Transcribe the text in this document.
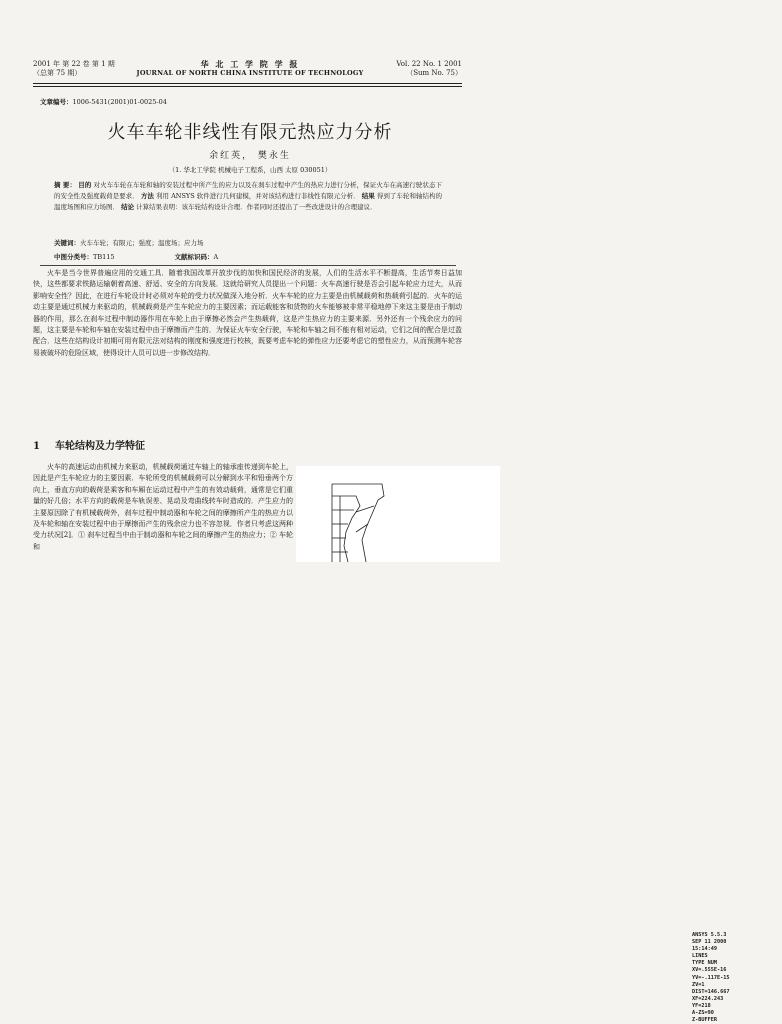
2001 年 第 22 卷 第 1 期
（总第 75 期）
华 北 工 学 院 学 报
JOURNAL OF NORTH CHINA INSTITUTE OF TECHNOLOGY
Vol. 22 No. 1 2001
（Sum No. 75）
文章编号：1006-5431(2001)01-0025-04
火车车轮非线性有限元热应力分析
余红英， 樊永生
（1. 华北工学院 机械电子工程系，山西 太原 030051）
摘 要： 目的 对火车车轮在车轮和轴的安装过程中所产生的应力以及在刹车过程中产生的热应力进行分析，保证火车在高速行驶状态下的安全性及强度载荷是要求． 方法 利用 ANSYS 软件进行几何建模，并对该结构进行非线性有限元分析． 结果 得到了车轮和轴结构的温度场图和应力场图． 结论 计算结果表明：该车轮结构设计合理．作者同时还提出了一些改进设计的合理建议．
关键词：火车车轮；有限元；强度；温度场；应力场
中图分类号：TB115	文献标识码：A
火车是当今世界普遍应用的交通工具．随着我国改革开放步伐的加快和国民经济的发展，人们的生活水平不断提高，生活节奏日益加快，这些都要求铁路运输朝着高速、舒适、安全的方向发展．这就给研究人员提出一个问题：火车高速行驶是否会引起车轮应力过大，从而影响安全性？因此，在进行车轮设计时必须对车轮的受力状况做深入地分析．火车车轮的应力主要是由机械载荷和热载荷引起的．火车的运动主要是通过机械力来驱动的，机械载荷是产生车轮应力的主要因素；而运载能客和货物的火车能够被非常平稳地停下来这主要是由于制动器的作用，那么在刹车过程中制动器作用在车轮上由于摩擦必然会产生热载荷，这是产生热应力的主要来源．另外还有一个残余应力的问题，这主要是车轮和车轴在安装过程中由于摩擦而产生的．为保证火车安全行驶，车轮和车轴之间不能有相对运动，它们之间的配合是过盈配合．这些在结构设计初期可用有限元法对结构的刚度和强度进行校核，既要考虑车轮的弹性应力还要考虑它的塑性应力，从而预测车轮容易被破坏的危险区域，使得设计人员可以进一步修改结构．
1 车轮结构及力学特征
火车的高速运动由机械力来驱动，机械载荷通过车轴上的轴承座传递到车轮上，因此是产生车轮应力的主要因素．车轮所受的机械载荷可以分解到水平和铅垂两个方向上，垂直方向的载荷是乘客和车厢在运动过程中产生的有效动载荷，通常是它们重量的好几倍；水平方向的载荷是车轨误差、晃动及弯曲线转车时造成的．产生应力的主要原因除了有机械载荷外，刹车过程中制动器和车轮之间的摩擦所产生的热应力以及车轮和轴在安装过程中由于摩擦而产生的残余应力也不容忽视．作者只考虑这两种受力状况[2]．① 刹车过程当中由于制动器和车轮之间的摩擦产生的热应力；② 车轮和
ANSYS 5.5.3
SEP 11 2000
15:14:49
LINES
TYPE NUM
XV=.555E-16
YV=-.117E-15
ZV=1
DIST=146.667
XF=224.243
YF=218
A-ZS=90
Z-BUFFER
